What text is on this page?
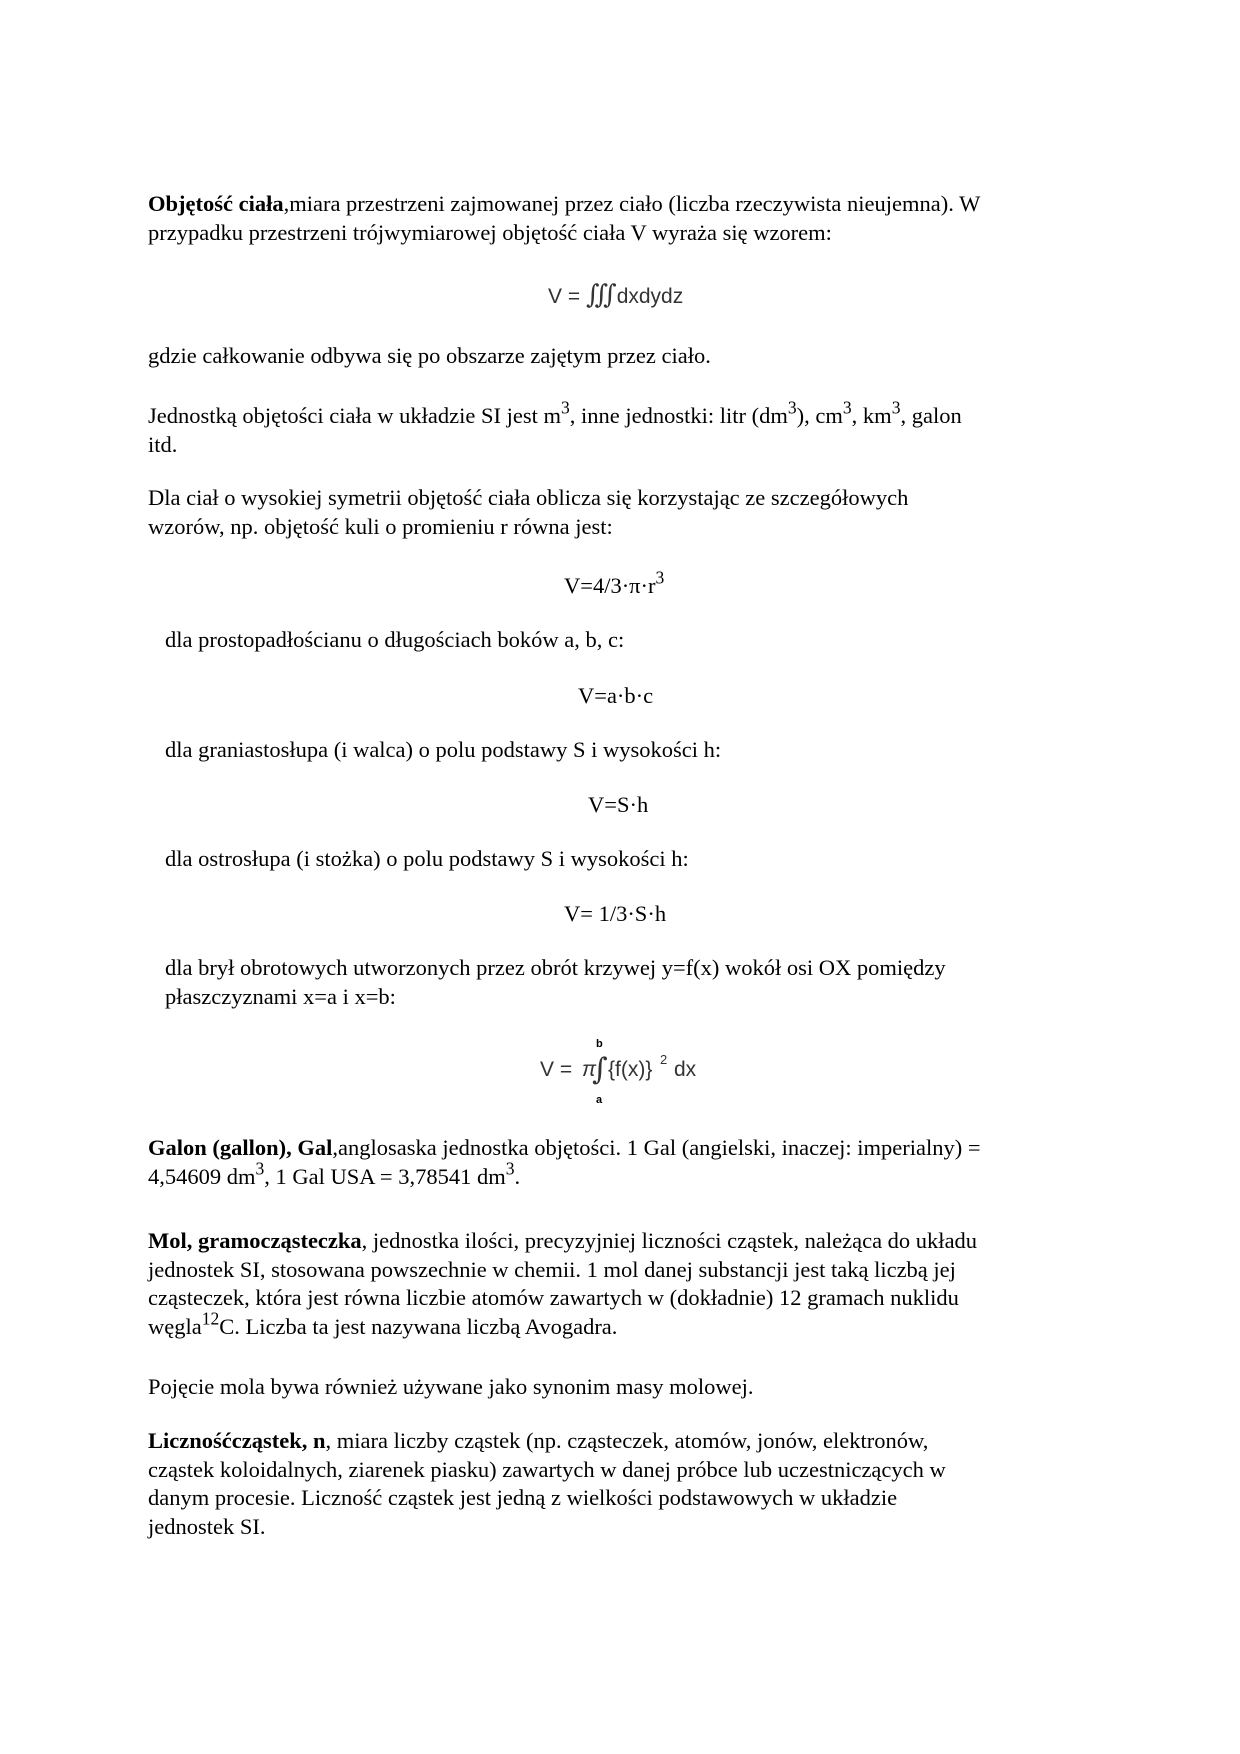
Objętość ciała,miara przestrzeni zajmowanej przez ciało (liczba rzeczywista nieujemna). W

przypadku przestrzeni trójwymiarowej objętość ciała V wyraża się wzorem:

V = ∭dxdydz

gdzie całkowanie odbywa się po obszarze zajętym przez ciało.

Jednostką objętości ciała w układzie SI jest $m^3$, inne jednostki: litr $(dm^3)$, $cm^3$, $km^3$, galon

itd.

Dla ciał o wysokiej symetrii objętość ciała oblicza się korzystając ze szczegółowych

wzorów, np. objętość kuli o promieniu r równa jest:

$V=4/3\cdot\pi\cdot r^3$

dla prostopadłościanu o długościach boków a, b, c:

V=a·b·c

dla graniastosłupa (i walca) o polu podstawy S i wysokości h:

V=S·h

dla ostrosłupa (i stożka) o polu podstawy S i wysokości h:

V= 1/3·S·h

dla brył obrotowych utworzonych przez obrót krzywej y=f(x) wokół osi OX pomiędzy

płaszczyznami x=a i x=b:

V = π
b
∫
a
{f(x)} 2 dx

Galon (gallon), Gal,anglosaska jednostka objętości. 1 Gal (angielski, inaczej: imperialny) =

4,54609 $dm^3$, 1 Gal USA = 3,78541 $dm^3$.

Mol, gramocząsteczka, jednostka ilości, precyzyjniej liczności cząstek, należąca do układu

jednostek SI, stosowana powszechnie w chemii. 1 mol danej substancji jest taką liczbą jej

cząsteczek, która jest równa liczbie atomów zawartych w (dokładnie) 12 gramach nuklidu

węgla$^{12}$C. Liczba ta jest nazywana liczbą Avogadra.

Pojęcie mola bywa również używane jako synonim masy molowej.

Licznośćcząstek, n, miara liczby cząstek (np. cząsteczek, atomów, jonów, elektronów,

cząstek koloidalnych, ziarenek piasku) zawartych w danej próbce lub uczestniczących w

danym procesie. Liczność cząstek jest jedną z wielkości podstawowych w układzie

jednostek SI.
